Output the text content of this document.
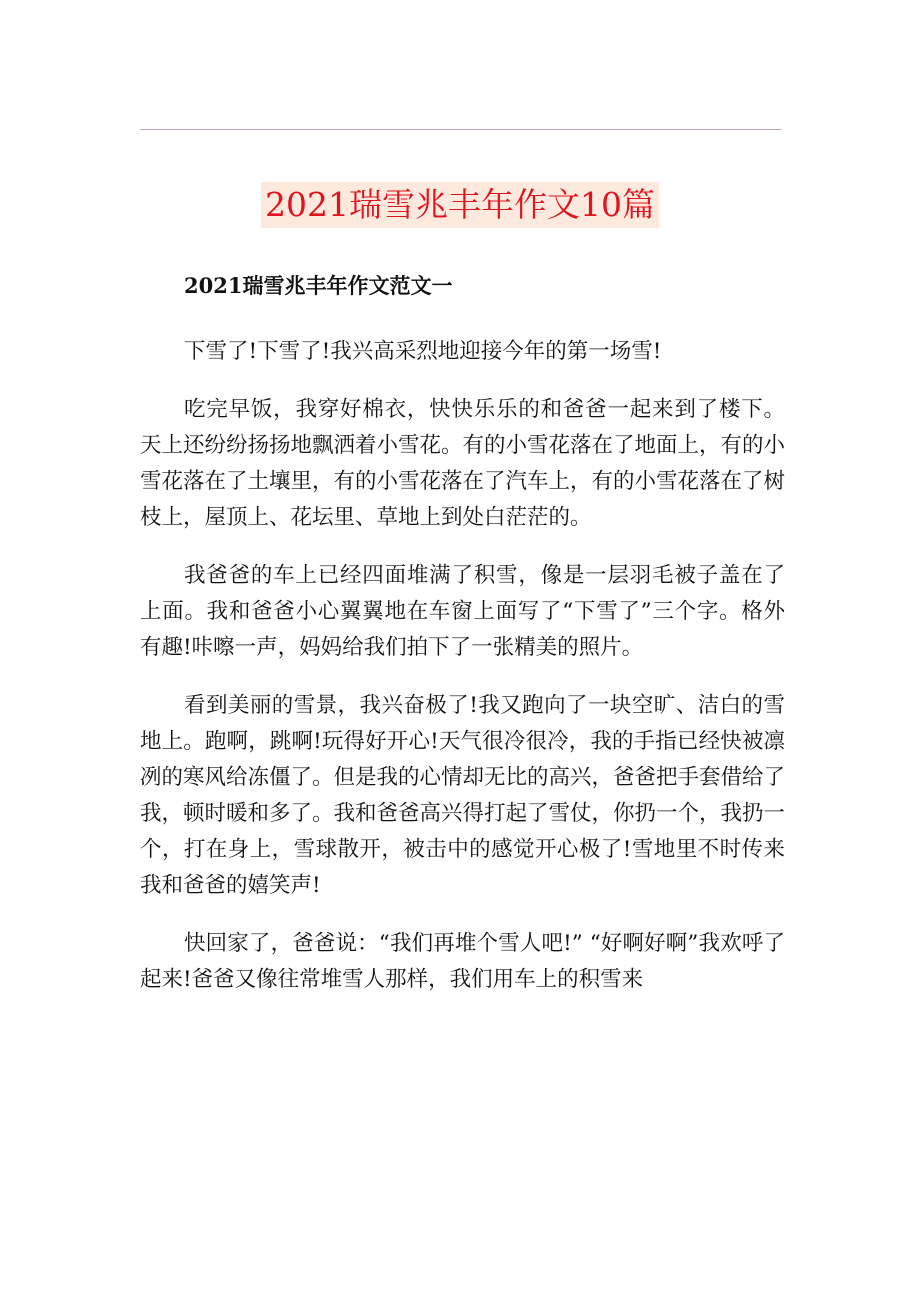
2021瑞雪兆丰年作文10篇
2021瑞雪兆丰年作文范文一

下雪了!下雪了!我兴高采烈地迎接今年的第一场雪!

吃完早饭，我穿好棉衣，快快乐乐的和爸爸一起来到了楼下。天上还纷纷扬扬地飘洒着小雪花。有的小雪花落在了地面上，有的小雪花落在了土壤里，有的小雪花落在了汽车上，有的小雪花落在了树枝上，屋顶上、花坛里、草地上到处白茫茫的。

我爸爸的车上已经四面堆满了积雪，像是一层羽毛被子盖在了上面。我和爸爸小心翼翼地在车窗上面写了“下雪了”三个字。格外有趣!咔嚓一声，妈妈给我们拍下了一张精美的照片。

看到美丽的雪景，我兴奋极了!我又跑向了一块空旷、洁白的雪地上。跑啊，跳啊!玩得好开心!天气很冷很冷，我的手指已经快被凛冽的寒风给冻僵了。但是我的心情却无比的高兴，爸爸把手套借给了我，顿时暖和多了。我和爸爸高兴得打起了雪仗，你扔一个，我扔一个，打在身上，雪球散开，被击中的感觉开心极了!雪地里不时传来我和爸爸的嬉笑声!

快回家了，爸爸说：“我们再堆个雪人吧!” “好啊好啊”我欢呼了起来!爸爸又像往常堆雪人那样，我们用车上的积雪来
